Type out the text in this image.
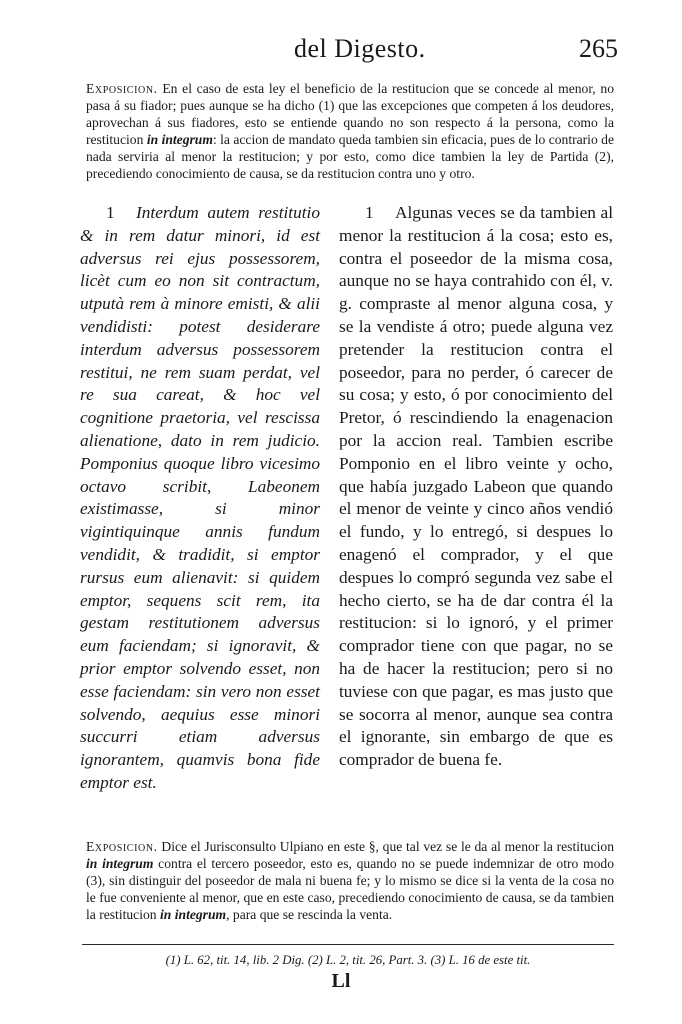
del Digesto.	265
Exposicion. En el caso de esta ley el beneficio de la restitucion que se concede al menor, no pasa á su fiador; pues aunque se ha dicho (1) que las excepciones que competen á los deudores, aprovechan á sus fiadores, esto se entiende quando no son respecto á la persona, como la restitucion in integrum: la accion de mandato queda tambien sin eficacia, pues de lo contrario de nada serviria al menor la restitucion; y por esto, como dice tambien la ley de Partida (2), precediendo conocimiento de causa, se da restitucion contra uno y otro.
1 Interdum autem restitutio & in rem datur minori, id est adversus rei ejus possessorem, licèt cum eo non sit contractum, utputà rem à minore emisti, & alii vendidisti: potest desiderare interdum adversus possessorem restitui, ne rem suam perdat, vel re sua careat, & hoc vel cognitione praetoria, vel rescissa alienatione, dato in rem judicio. Pomponius quoque libro vicesimo octavo scribit, Labeonem existimasse, si minor vigintiquinque annis fundum vendidit, & tradidit, si emptor rursus eum alienavit: si quidem emptor, sequens scit rem, ita gestam restitutionem adversus eum faciendam; si ignoravit, & prior emptor solvendo esset, non esse faciendam: sin vero non esset solvendo, aequius esse minori succurri etiam adversus ignorantem, quamvis bona fide emptor est.
1 Algunas veces se da tambien al menor la restitucion á la cosa; esto es, contra el poseedor de la misma cosa, aunque no se haya contrahido con él, v. g. compraste al menor alguna cosa, y se la vendiste á otro; puede alguna vez pretender la restitucion contra el poseedor, para no perder, ó carecer de su cosa; y esto, ó por conocimiento del Pretor, ó rescindiendo la enagenacion por la accion real. Tambien escribe Pomponio en el libro veinte y ocho, que había juzgado Labeon que quando el menor de veinte y cinco años vendió el fundo, y lo entregó, si despues lo enagenó el comprador, y el que despues lo compró segunda vez sabe el hecho cierto, se ha de dar contra él la restitucion: si lo ignoró, y el primer comprador tiene con que pagar, no se ha de hacer la restitucion; pero si no tuviese con que pagar, es mas justo que se socorra al menor, aunque sea contra el ignorante, sin embargo de que es comprador de buena fe.
Exposicion. Dice el Jurisconsulto Ulpiano en este §, que tal vez se le da al menor la restitucion in integrum contra el tercero poseedor, esto es, quando no se puede indemnizar de otro modo (3), sin distinguir del poseedor de mala ni buena fe; y lo mismo se dice si la venta de la cosa no le fue conveniente al menor, que en este caso, precediendo conocimiento de causa, se da tambien la restitucion in integrum, para que se rescinda la venta.
(1) L. 62, tit. 14, lib. 2 Dig. (2) L. 2, tit. 26, Part. 3. (3) L. 16 de este tit.
Ll
